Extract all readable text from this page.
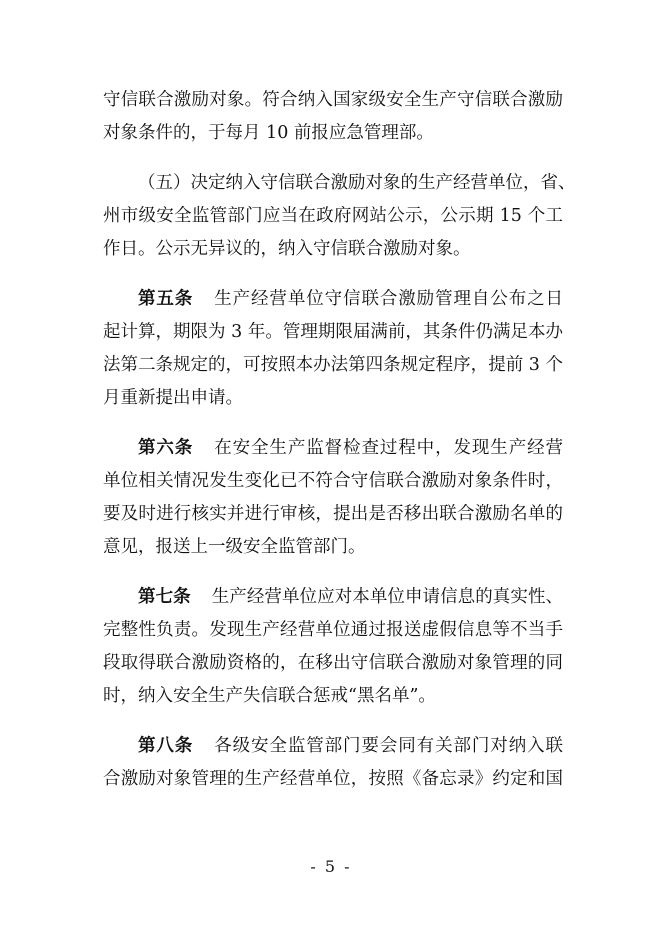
守信联合激励对象。符合纳入国家级安全生产守信联合激励
对象条件的，于每月 10 前报应急管理部。
（五）决定纳入守信联合激励对象的生产经营单位，省、
州市级安全监管部门应当在政府网站公示，公示期 15 个工
作日。公示无异议的，纳入守信联合激励对象。
第五条 生产经营单位守信联合激励管理自公布之日
起计算，期限为 3 年。管理期限届满前，其条件仍满足本办
法第二条规定的，可按照本办法第四条规定程序，提前 3 个
月重新提出申请。
第六条 在安全生产监督检查过程中，发现生产经营
单位相关情况发生变化已不符合守信联合激励对象条件时，
要及时进行核实并进行审核，提出是否移出联合激励名单的
意见，报送上一级安全监管部门。
第七条 生产经营单位应对本单位申请信息的真实性、
完整性负责。发现生产经营单位通过报送虚假信息等不当手
段取得联合激励资格的，在移出守信联合激励对象管理的同
时，纳入安全生产失信联合惩戒“黑名单”。
第八条 各级安全监管部门要会同有关部门对纳入联
合激励对象管理的生产经营单位，按照《备忘录》约定和国
- 5 -
